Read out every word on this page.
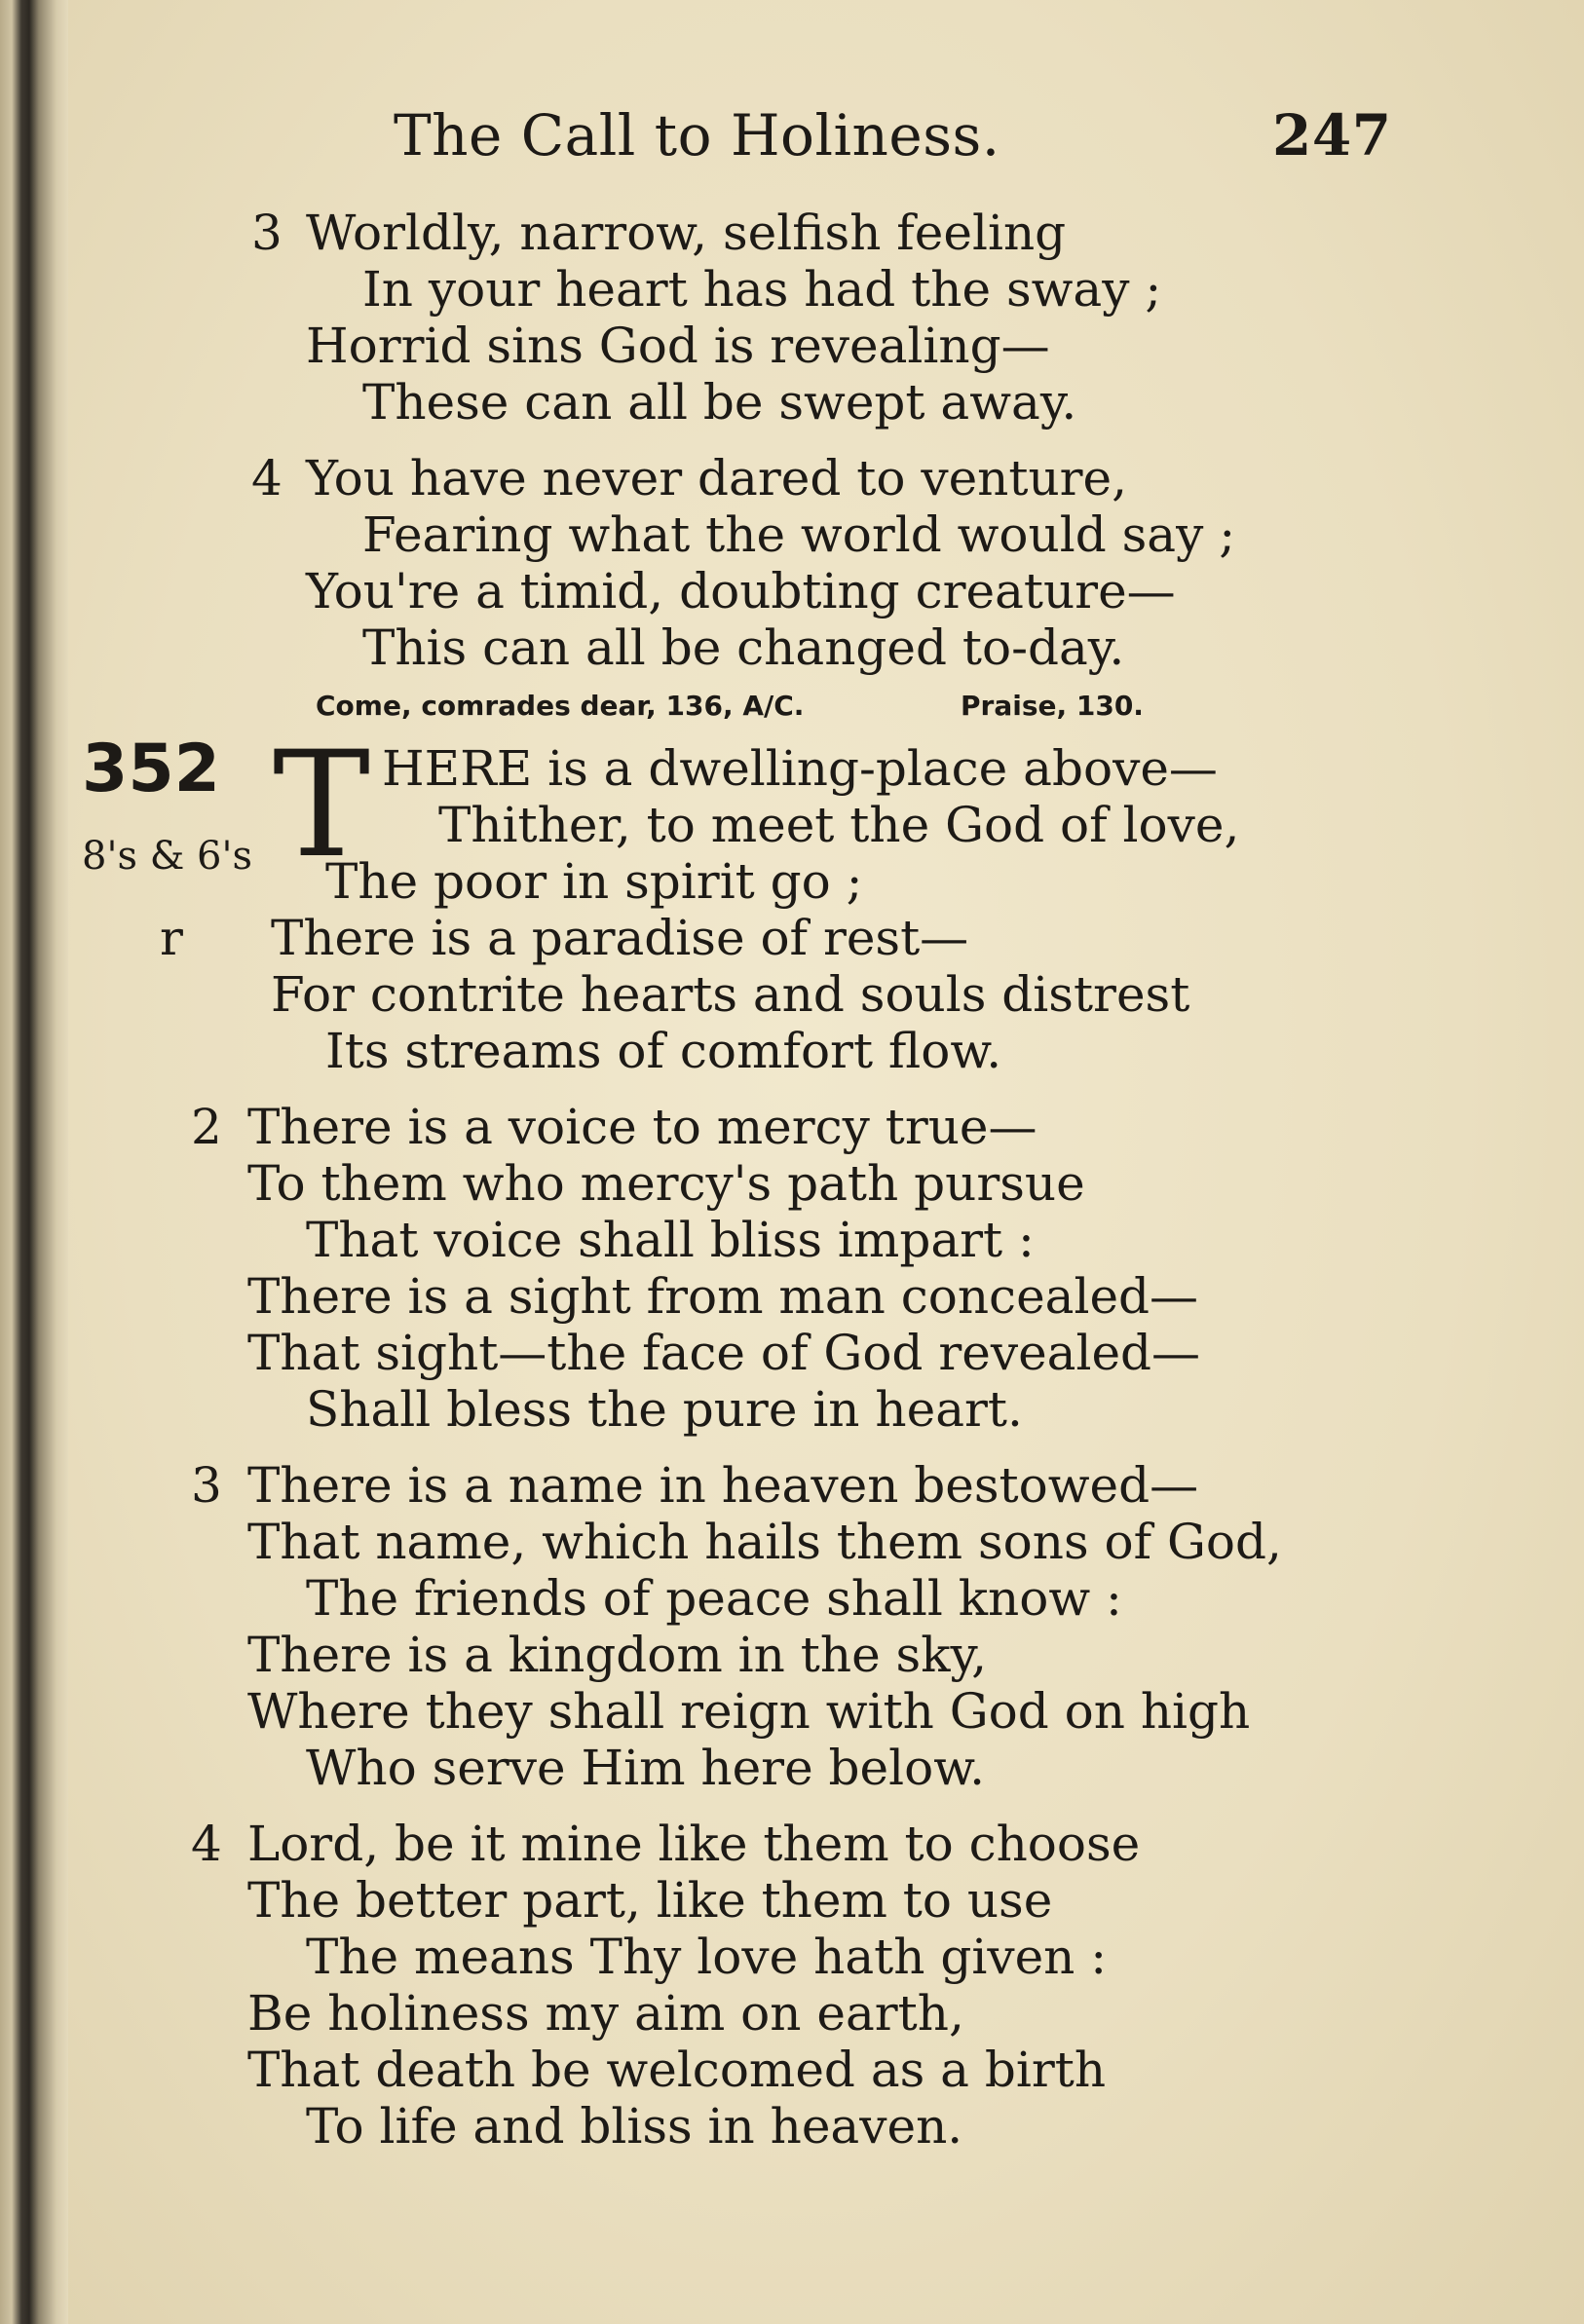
The Call to Holiness.	247
3 Worldly, narrow, selfish feeling
In your heart has had the sway ;
Horrid sins God is revealing—
These can all be swept away.
4 You have never dared to venture,
Fearing what the world would say ;
You're a timid, doubting creature—
This can all be changed to-day.
Come, comrades dear, 136, A/C.	Praise, 130.
352
8's & 6's T HERE is a dwelling-place above—
Thither, to meet the God of love,
The poor in spirit go ;
r There is a paradise of rest—
For contrite hearts and souls distrest
Its streams of comfort flow.
2 There is a voice to mercy true—
To them who mercy's path pursue
That voice shall bliss impart :
There is a sight from man concealed—
That sight—the face of God revealed—
Shall bless the pure in heart.
3 There is a name in heaven bestowed—
That name, which hails them sons of God,
The friends of peace shall know :
There is a kingdom in the sky,
Where they shall reign with God on high
Who serve Him here below.
4 Lord, be it mine like them to choose
The better part, like them to use
The means Thy love hath given :
Be holiness my aim on earth,
That death be welcomed as a birth
To life and bliss in heaven.
